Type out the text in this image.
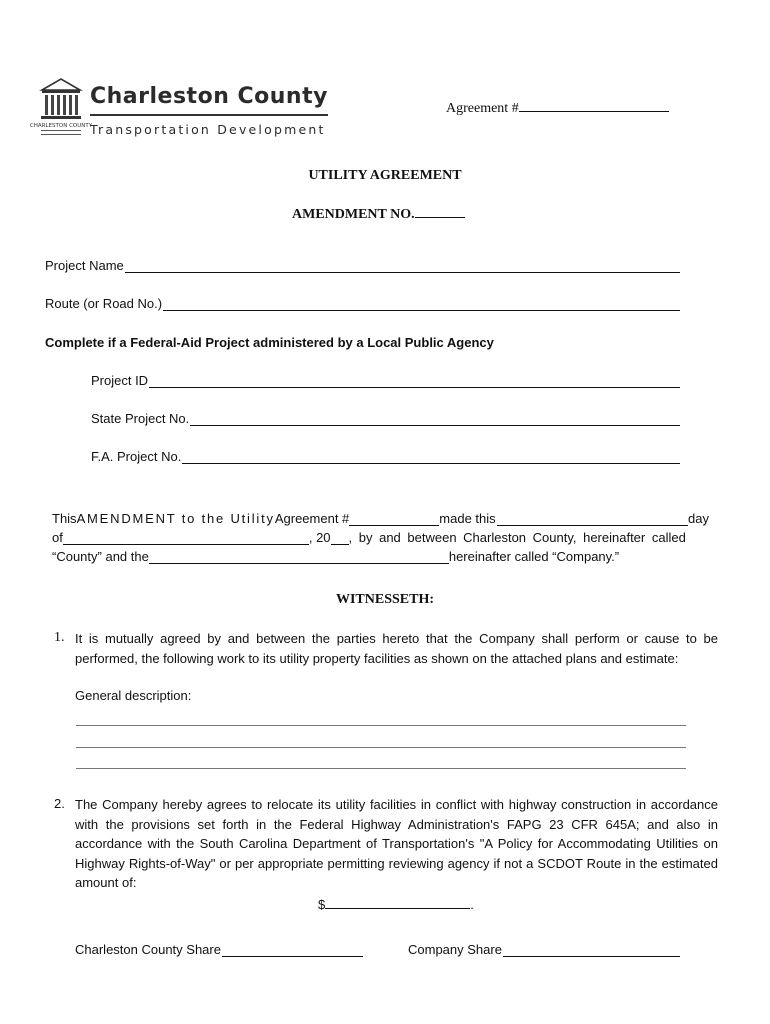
CHARLESTON COUNTY
Charleston County
Transportation Development
Agreement #
UTILITY AGREEMENT
AMENDMENT NO.
Project Name
Route (or Road No.)
Complete if a Federal-Aid Project administered by a Local Public Agency
Project ID
State Project No.
F.A. Project No.
This AMENDMENT to the Utility Agreement #	made this	day
of	, 20 , by and between Charleston County, hereinafter called
“County” and the	hereinafter called “Company.”
WITNESSETH:
1. It is mutually agreed by and between the parties hereto that the Company shall perform or cause to be performed, the following work to its utility property facilities as shown on the attached plans and estimate:
General description:
2. The Company hereby agrees to relocate its utility facilities in conflict with highway construction in accordance with the provisions set forth in the Federal Highway Administration's FAPG 23 CFR 645A; and also in accordance with the South Carolina Department of Transportation's "A Policy for Accommodating Utilities on Highway Rights-of-Way" or per appropriate permitting reviewing agency if not a SCDOT Route in the estimated amount of:
$	.
Charleston County Share	Company Share
